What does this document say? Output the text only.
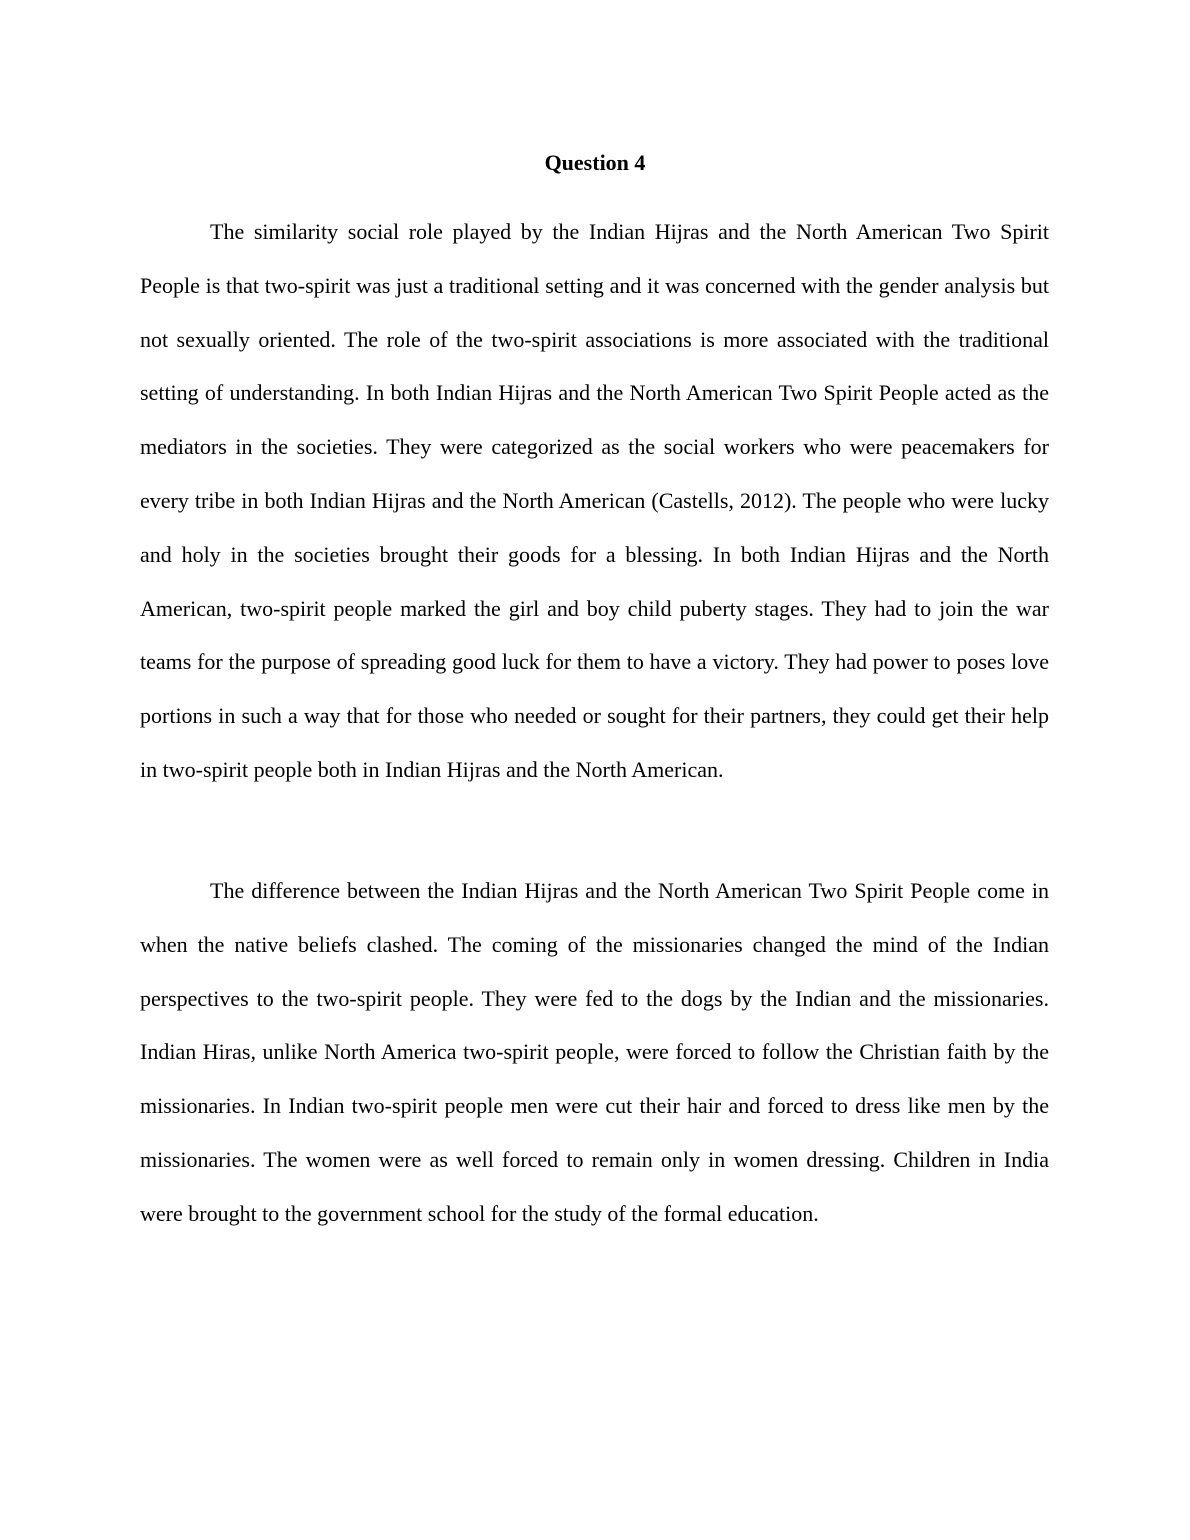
Question 4

The similarity social role played by the Indian Hijras and the North American Two Spirit People is that two-spirit was just a traditional setting and it was concerned with the gender analysis but not sexually oriented. The role of the two-spirit associations is more associated with the traditional setting of understanding. In both Indian Hijras and the North American Two Spirit People acted as the mediators in the societies. They were categorized as the social workers who were peacemakers for every tribe in both Indian Hijras and the North American (Castells, 2012). The people who were lucky and holy in the societies brought their goods for a blessing. In both Indian Hijras and the North American, two-spirit people marked the girl and boy child puberty stages. They had to join the war teams for the purpose of spreading good luck for them to have a victory. They had power to poses love portions in such a way that for those who needed or sought for their partners, they could get their help in two-spirit people both in Indian Hijras and the North American.

The difference between the Indian Hijras and the North American Two Spirit People come in when the native beliefs clashed. The coming of the missionaries changed the mind of the Indian perspectives to the two-spirit people. They were fed to the dogs by the Indian and the missionaries. Indian Hiras, unlike North America two-spirit people, were forced to follow the Christian faith by the missionaries. In Indian two-spirit people men were cut their hair and forced to dress like men by the missionaries. The women were as well forced to remain only in women dressing. Children in India were brought to the government school for the study of the formal education.
